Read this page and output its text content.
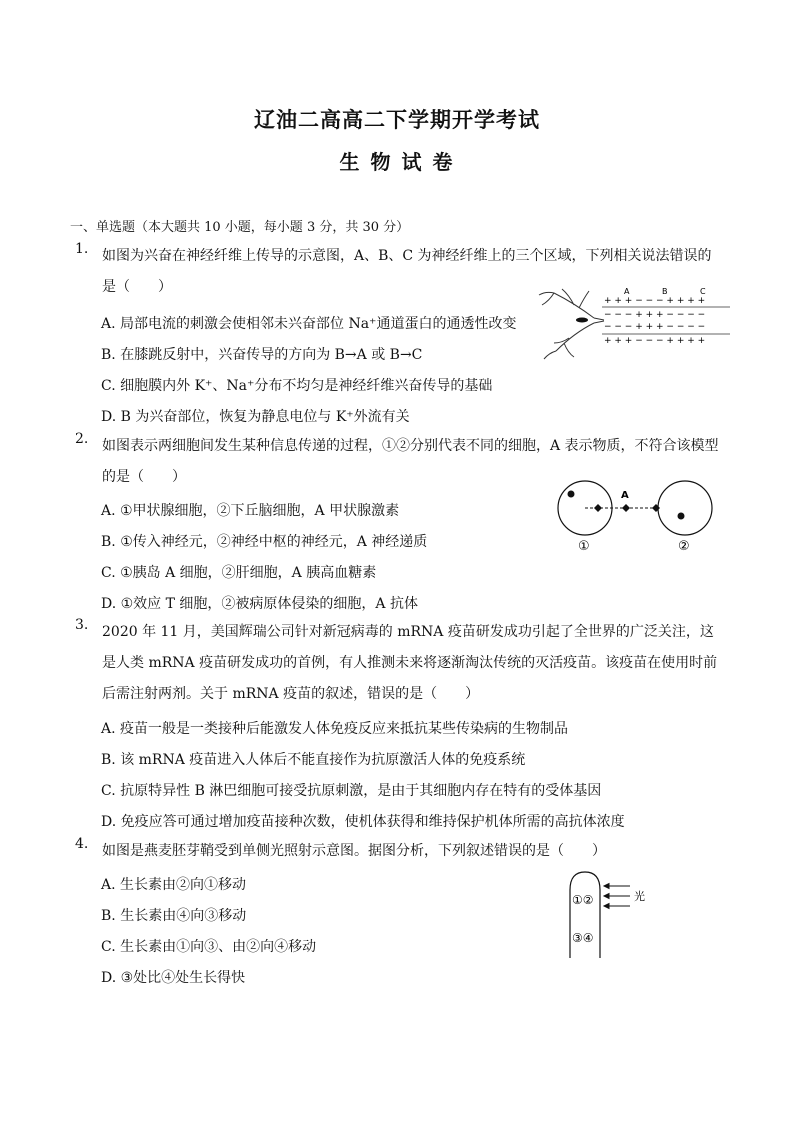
辽油二高高二下学期开学考试
生 物 试 卷
一、单选题（本大题共 10 小题，每小题 3 分，共 30 分）
1. 如图为兴奋在神经纤维上传导的示意图，A、B、C 为神经纤维上的三个区域，下列相关说法错误的是（　　）
A. 局部电流的刺激会使相邻未兴奋部位 Na⁺通道蛋白的通透性改变
B. 在膝跳反射中，兴奋传导的方向为 B→A 或 B→C
C. 细胞膜内外 K⁺、Na⁺分布不均匀是神经纤维兴奋传导的基础
D. B 为兴奋部位，恢复为静息电位与 K⁺外流有关
A	B	C
+ + + − − − + + + +
− − − + + + − − − −
− − − + + + − − − −
+ + + − − − + + + +
2. 如图表示两细胞间发生某种信息传递的过程，①②分别代表不同的细胞，A 表示物质，不符合该模型的是（　　）
A. ①甲状腺细胞，②下丘脑细胞，A 甲状腺激素
B. ①传入神经元，②神经中枢的神经元，A 神经递质
C. ①胰岛 A 细胞，②肝细胞，A 胰高血糖素
D. ①效应 T 细胞，②被病原体侵染的细胞，A 抗体
A
①	②
3. 2020 年 11 月，美国辉瑞公司针对新冠病毒的 mRNA 疫苗研发成功引起了全世界的广泛关注，这是人类 mRNA 疫苗研发成功的首例，有人推测未来将逐渐淘汰传统的灭活疫苗。该疫苗在使用时前后需注射两剂。关于 mRNA 疫苗的叙述，错误的是（　　）
A. 疫苗一般是一类接种后能激发人体免疫反应来抵抗某些传染病的生物制品
B. 该 mRNA 疫苗进入人体后不能直接作为抗原激活人体的免疫系统
C. 抗原特异性 B 淋巴细胞可接受抗原刺激，是由于其细胞内存在特有的受体基因
D. 免疫应答可通过增加疫苗接种次数，使机体获得和维持保护机体所需的高抗体浓度
4. 如图是燕麦胚芽鞘受到单侧光照射示意图。据图分析，下列叙述错误的是（　　）
A. 生长素由②向①移动
B. 生长素由④向③移动
C. 生长素由①向③、由②向④移动
D. ③处比④处生长得快
①②
③④
光
